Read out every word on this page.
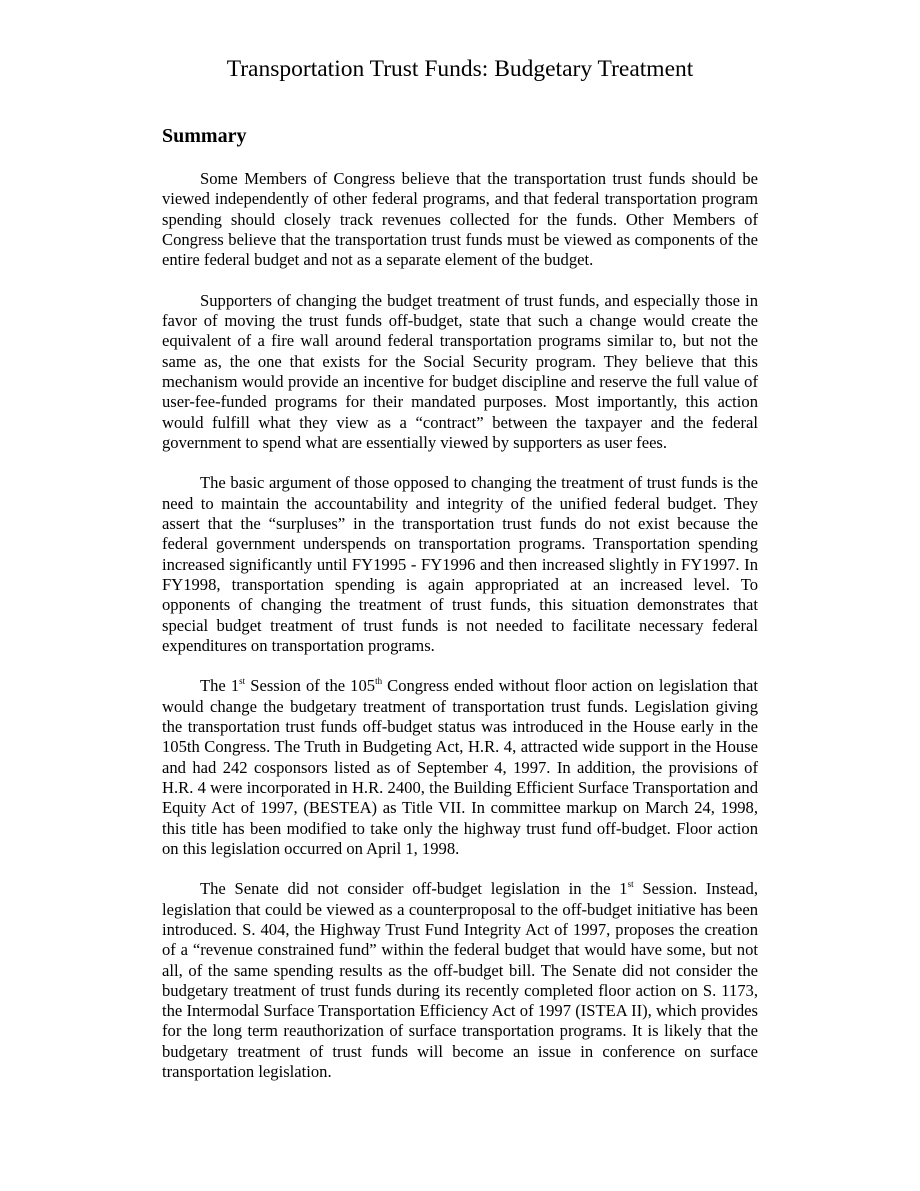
Transportation Trust Funds: Budgetary Treatment
Summary

Some Members of Congress believe that the transportation trust funds should be viewed independently of other federal programs, and that federal transportation program spending should closely track revenues collected for the funds. Other Members of Congress believe that the transportation trust funds must be viewed as components of the entire federal budget and not as a separate element of the budget.

Supporters of changing the budget treatment of trust funds, and especially those in favor of moving the trust funds off-budget, state that such a change would create the equivalent of a fire wall around federal transportation programs similar to, but not the same as, the one that exists for the Social Security program. They believe that this mechanism would provide an incentive for budget discipline and reserve the full value of user-fee-funded programs for their mandated purposes. Most importantly, this action would fulfill what they view as a “contract” between the taxpayer and the federal government to spend what are essentially viewed by supporters as user fees.

The basic argument of those opposed to changing the treatment of trust funds is the need to maintain the accountability and integrity of the unified federal budget. They assert that the “surpluses” in the transportation trust funds do not exist because the federal government underspends on transportation programs. Transportation spending increased significantly until FY1995 - FY1996 and then increased slightly in FY1997. In FY1998, transportation spending is again appropriated at an increased level. To opponents of changing the treatment of trust funds, this situation demonstrates that special budget treatment of trust funds is not needed to facilitate necessary federal expenditures on transportation programs.

The 1st Session of the 105th Congress ended without floor action on legislation that would change the budgetary treatment of transportation trust funds. Legislation giving the transportation trust funds off-budget status was introduced in the House early in the 105th Congress. The Truth in Budgeting Act, H.R. 4, attracted wide support in the House and had 242 cosponsors listed as of September 4, 1997. In addition, the provisions of H.R. 4 were incorporated in H.R. 2400, the Building Efficient Surface Transportation and Equity Act of 1997, (BESTEA) as Title VII. In committee markup on March 24, 1998, this title has been modified to take only the highway trust fund off-budget. Floor action on this legislation occurred on April 1, 1998.

The Senate did not consider off-budget legislation in the 1st Session. Instead, legislation that could be viewed as a counterproposal to the off-budget initiative has been introduced. S. 404, the Highway Trust Fund Integrity Act of 1997, proposes the creation of a “revenue constrained fund” within the federal budget that would have some, but not all, of the same spending results as the off-budget bill. The Senate did not consider the budgetary treatment of trust funds during its recently completed floor action on S. 1173, the Intermodal Surface Transportation Efficiency Act of 1997 (ISTEA II), which provides for the long term reauthorization of surface transportation programs. It is likely that the budgetary treatment of trust funds will become an issue in conference on surface transportation legislation.
